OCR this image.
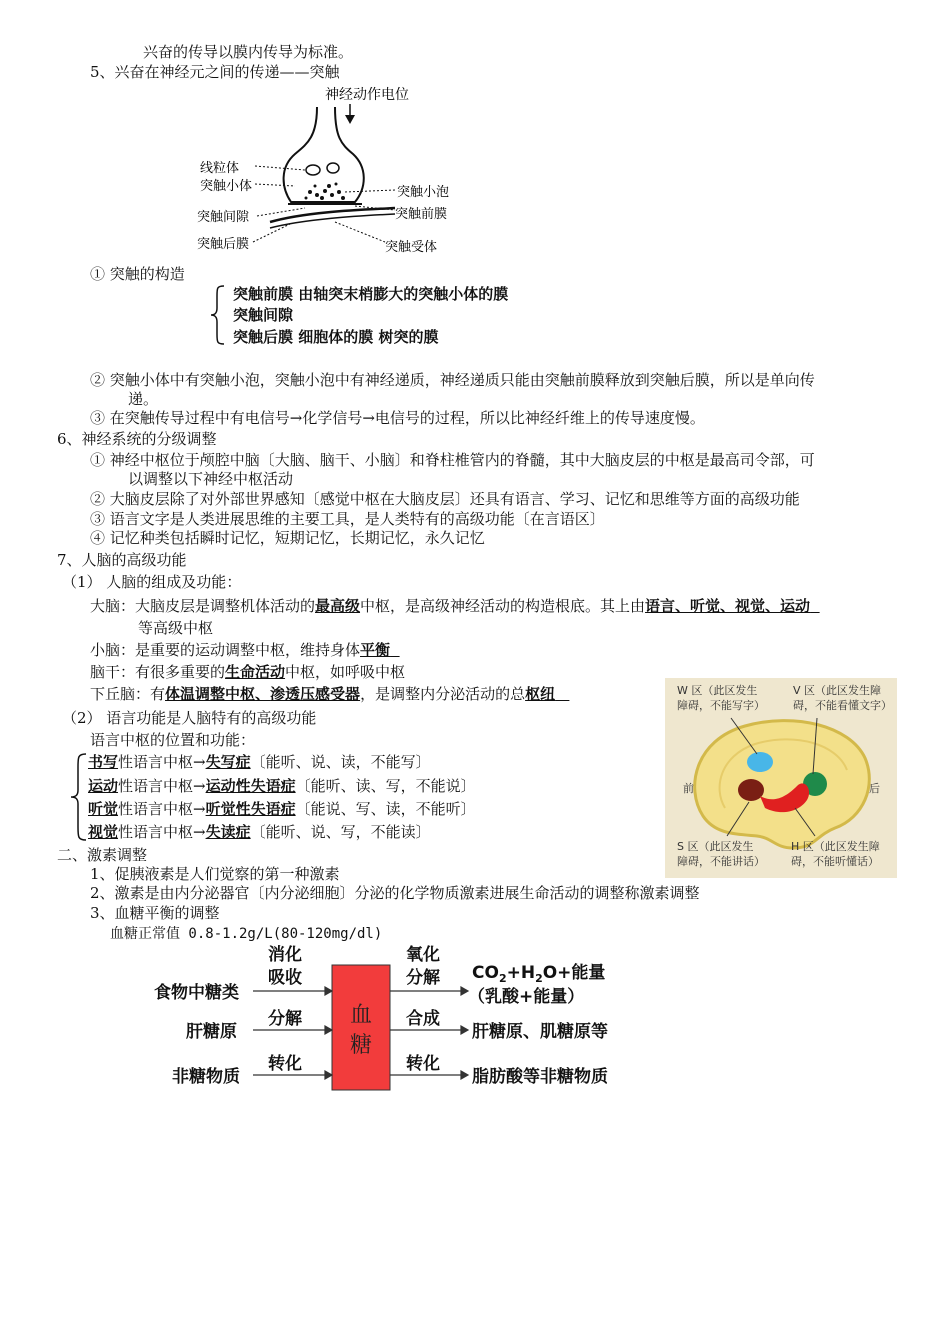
兴奋的传导以膜内传导为标准。
5、兴奋在神经元之间的传递——突触
神经动作电位
线粒体
突触小体
突触间隙
突触后膜
突触小泡
突触前膜
突触受体
① 突触的构造
突触前膜 由轴突末梢膨大的突触小体的膜
突触间隙
突触后膜 细胞体的膜 树突的膜
② 突触小体中有突触小泡，突触小泡中有神经递质，神经递质只能由突触前膜释放到突触后膜，所以是单向传
递。
③ 在突触传导过程中有电信号→化学信号→电信号的过程，所以比神经纤维上的传导速度慢。
6、神经系统的分级调整
① 神经中枢位于颅腔中脑〔大脑、脑干、小脑〕和脊柱椎管内的脊髓，其中大脑皮层的中枢是最高司令部，可
以调整以下神经中枢活动
② 大脑皮层除了对外部世界感知〔感觉中枢在大脑皮层〕还具有语言、学习、记忆和思维等方面的高级功能
③ 语言文字是人类进展思维的主要工具，是人类特有的高级功能〔在言语区〕
④ 记忆种类包括瞬时记忆，短期记忆，长期记忆，永久记忆
7、人脑的高级功能
（1） 人脑的组成及功能：
大脑：大脑皮层是调整机体活动的最高级中枢，是高级神经活动的构造根底。其上由语言、听觉、视觉、运动
等高级中枢
小脑：是重要的运动调整中枢，维持身体平衡
脑干：有很多重要的生命活动中枢，如呼吸中枢
下丘脑：有体温调整中枢、渗透压感受器，是调整内分泌活动的总枢纽
（2） 语言功能是人脑特有的高级功能
语言中枢的位置和功能：
书写性语言中枢→失写症〔能听、说、读，不能写〕
运动性语言中枢→运动性失语症〔能听、读、写，不能说〕
听觉性语言中枢→听觉性失语症〔能说、写、读，不能听〕
视觉性语言中枢→失读症〔能听、说、写，不能读〕
W 区（此区发生
障碍，不能写字）
V 区（此区发生障
碍，不能看懂文字）
前	后
S 区（此区发生
障碍，不能讲话）
H 区（此区发生障
碍，不能听懂话）
二、激素调整
1、促胰液素是人们觉察的第一种激素
2、激素是由内分泌器官〔内分泌细胞〕分泌的化学物质激素进展生命活动的调整称激素调整
3、血糖平衡的调整
血糖正常值 0.8-1.2g/L(80-120mg/dl)
血
糖
食物中糖类
消化
吸收
肝糖原
分解
非糖物质
转化
氧化
分解 $CO_2+H_2O+$能量
（乳酸+能量）
合成
肝糖原、肌糖原等
转化
脂肪酸等非糖物质
